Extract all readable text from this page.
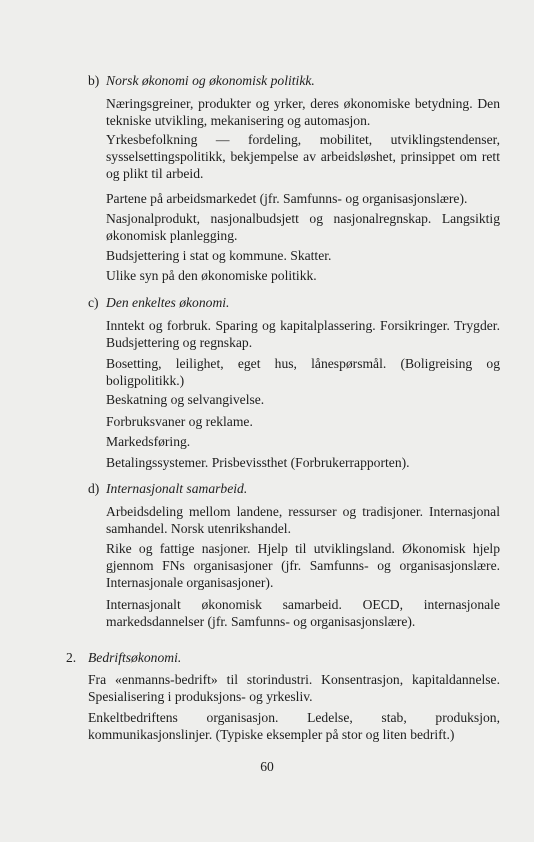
b) Norsk økonomi og økonomisk politikk.
Næringsgreiner, produkter og yrker, deres økonomiske betydning. Den tekniske utvikling, mekanisering og automasjon.
Yrkesbefolkning — fordeling, mobilitet, utviklingstendenser, sysselsettingspolitikk, bekjempelse av arbeidsløshet, prinsippet om rett og plikt til arbeid.
Partene på arbeidsmarkedet (jfr. Samfunns- og organisasjonslære).
Nasjonalprodukt, nasjonalbudsjett og nasjonalregnskap. Langsiktig økonomisk planlegging.
Budsjettering i stat og kommune. Skatter.
Ulike syn på den økonomiske politikk.
c) Den enkeltes økonomi.
Inntekt og forbruk. Sparing og kapitalplassering. Forsikringer. Trygder. Budsjettering og regnskap.
Bosetting, leilighet, eget hus, lånespørsmål. (Boligreising og boligpolitikk.)
Beskatning og selvangivelse.
Forbruksvaner og reklame.
Markedsføring.
Betalingssystemer. Prisbevissthet (Forbrukerrapporten).
d) Internasjonalt samarbeid.
Arbeidsdeling mellom landene, ressurser og tradisjoner. Internasjonal samhandel. Norsk utenrikshandel.
Rike og fattige nasjoner. Hjelp til utviklingsland. Økonomisk hjelp gjennom FNs organisasjoner (jfr. Samfunns- og organisasjonslære. Internasjonale organisasjoner).
Internasjonalt økonomisk samarbeid. OECD, internasjonale markedsdannelser (jfr. Samfunns- og organisasjonslære).
2. Bedriftsøkonomi.
Fra «enmanns-bedrift» til storindustri. Konsentrasjon, kapitaldannelse. Spesialisering i produksjons- og yrkesliv.
Enkeltbedriftens organisasjon. Ledelse, stab, produksjon, kommunikasjonslinjer. (Typiske eksempler på stor og liten bedrift.)
60
